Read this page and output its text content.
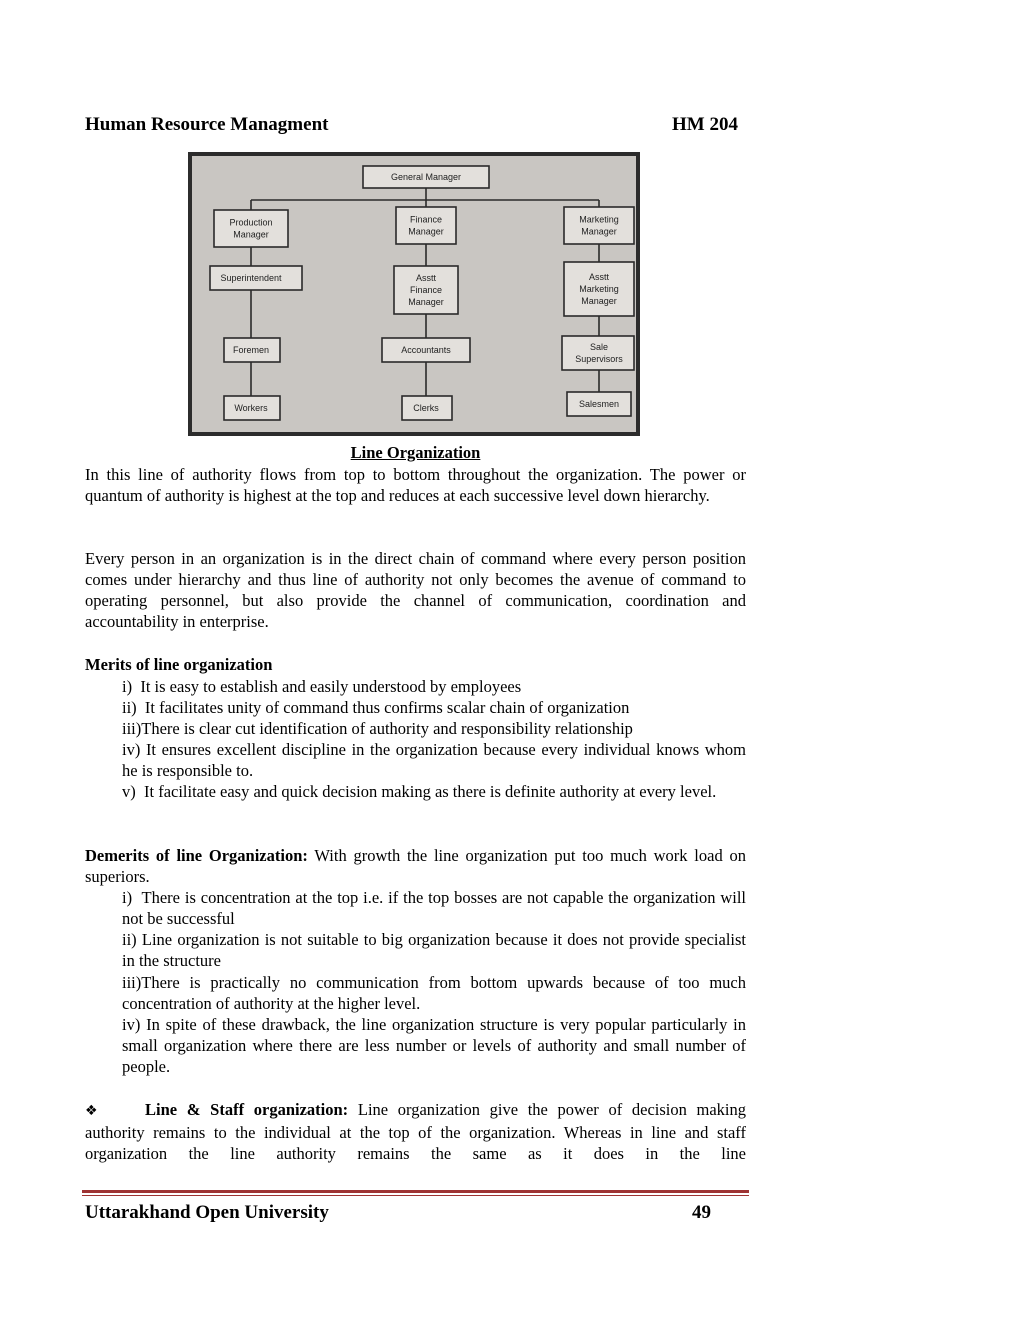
Human Resource Managment	HM 204
General Manager
Production
Manager
Superintendent
Foremen
Workers
Finance
Manager
Asstt
Finance
Manager
Accountants
Clerks
Marketing
Manager
Asstt
Marketing
Manager
Sale
Supervisors
Salesmen
Line Organization
In this line of authority flows from top to bottom throughout the organization. The power or quantum of authority is highest at the top and reduces at each successive level down hierarchy.
Every person in an organization is in the direct chain of command where every person position comes under hierarchy and thus line of authority not only becomes the avenue of command to operating personnel, but also provide the channel of communication, coordination and accountability in enterprise.
Merits of line organization
i) It is easy to establish and easily understood by employees
ii) It facilitates unity of command thus confirms scalar chain of organization
iii)There is clear cut identification of authority and responsibility relationship
iv) It ensures excellent discipline in the organization because every individual knows whom he is responsible to.
v) It facilitate easy and quick decision making as there is definite authority at every level.
Demerits of line Organization: With growth the line organization put too much work load on superiors.
i) There is concentration at the top i.e. if the top bosses are not capable the organization will not be successful
ii) Line organization is not suitable to big organization because it does not provide specialist in the structure
iii)There is practically no communication from bottom upwards because of too much concentration of authority at the higher level.
iv) In spite of these drawback, the line organization structure is very popular particularly in small organization where there are less number or levels of authority and small number of people.
❖	Line & Staff organization: Line organization give the power of decision making authority remains to the individual at the top of the organization. Whereas in line and staff organization the line authority remains the same as it does in the line
Uttarakhand Open University	49
